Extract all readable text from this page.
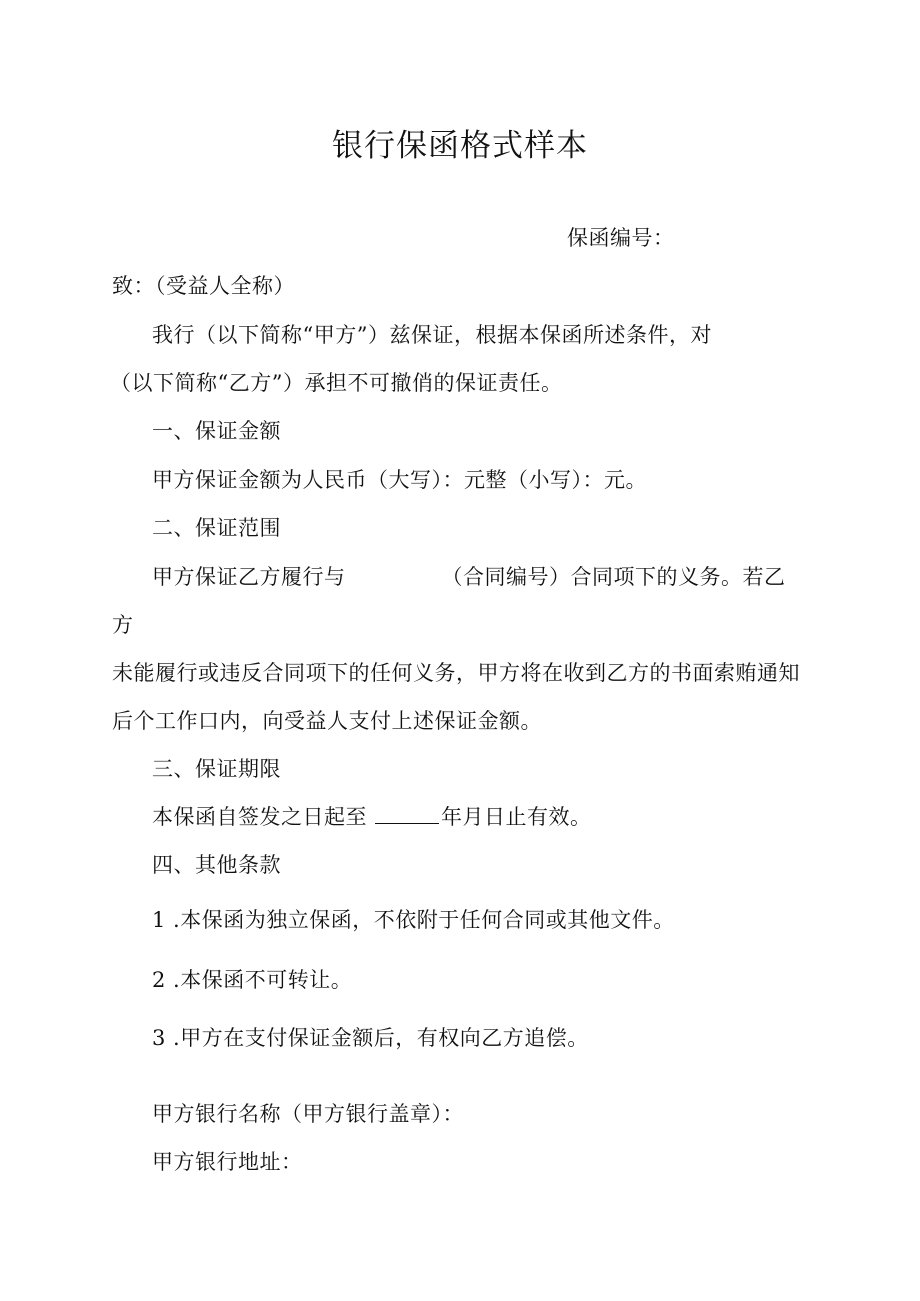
银行保函格式样本
保函编号：
致：（受益人全称）
我行（以下简称“甲方”）兹保证，根据本保函所述条件，对
（以下简称“乙方”）承担不可撤俏的保证责任。
一、保证金额
甲方保证金额为人民币（大写）：元整（小写）：元。
二、保证范围
甲方保证乙方履行与	（合同编号）合同项下的义务。若乙
方
未能履行或违反合同项下的任何义务，甲方将在收到乙方的书面索贿通知
后个工作口内，向受益人支付上述保证金额。
三、保证期限
本保函自签发之日起至	年月日止有效。
四、其他条款
1 .本保函为独立保函，不依附于任何合同或其他文件。
2 .本保函不可转让。
3 .甲方在支付保证金额后，有权向乙方追偿。
甲方银行名称（甲方银行盖章）：
甲方银行地址：
